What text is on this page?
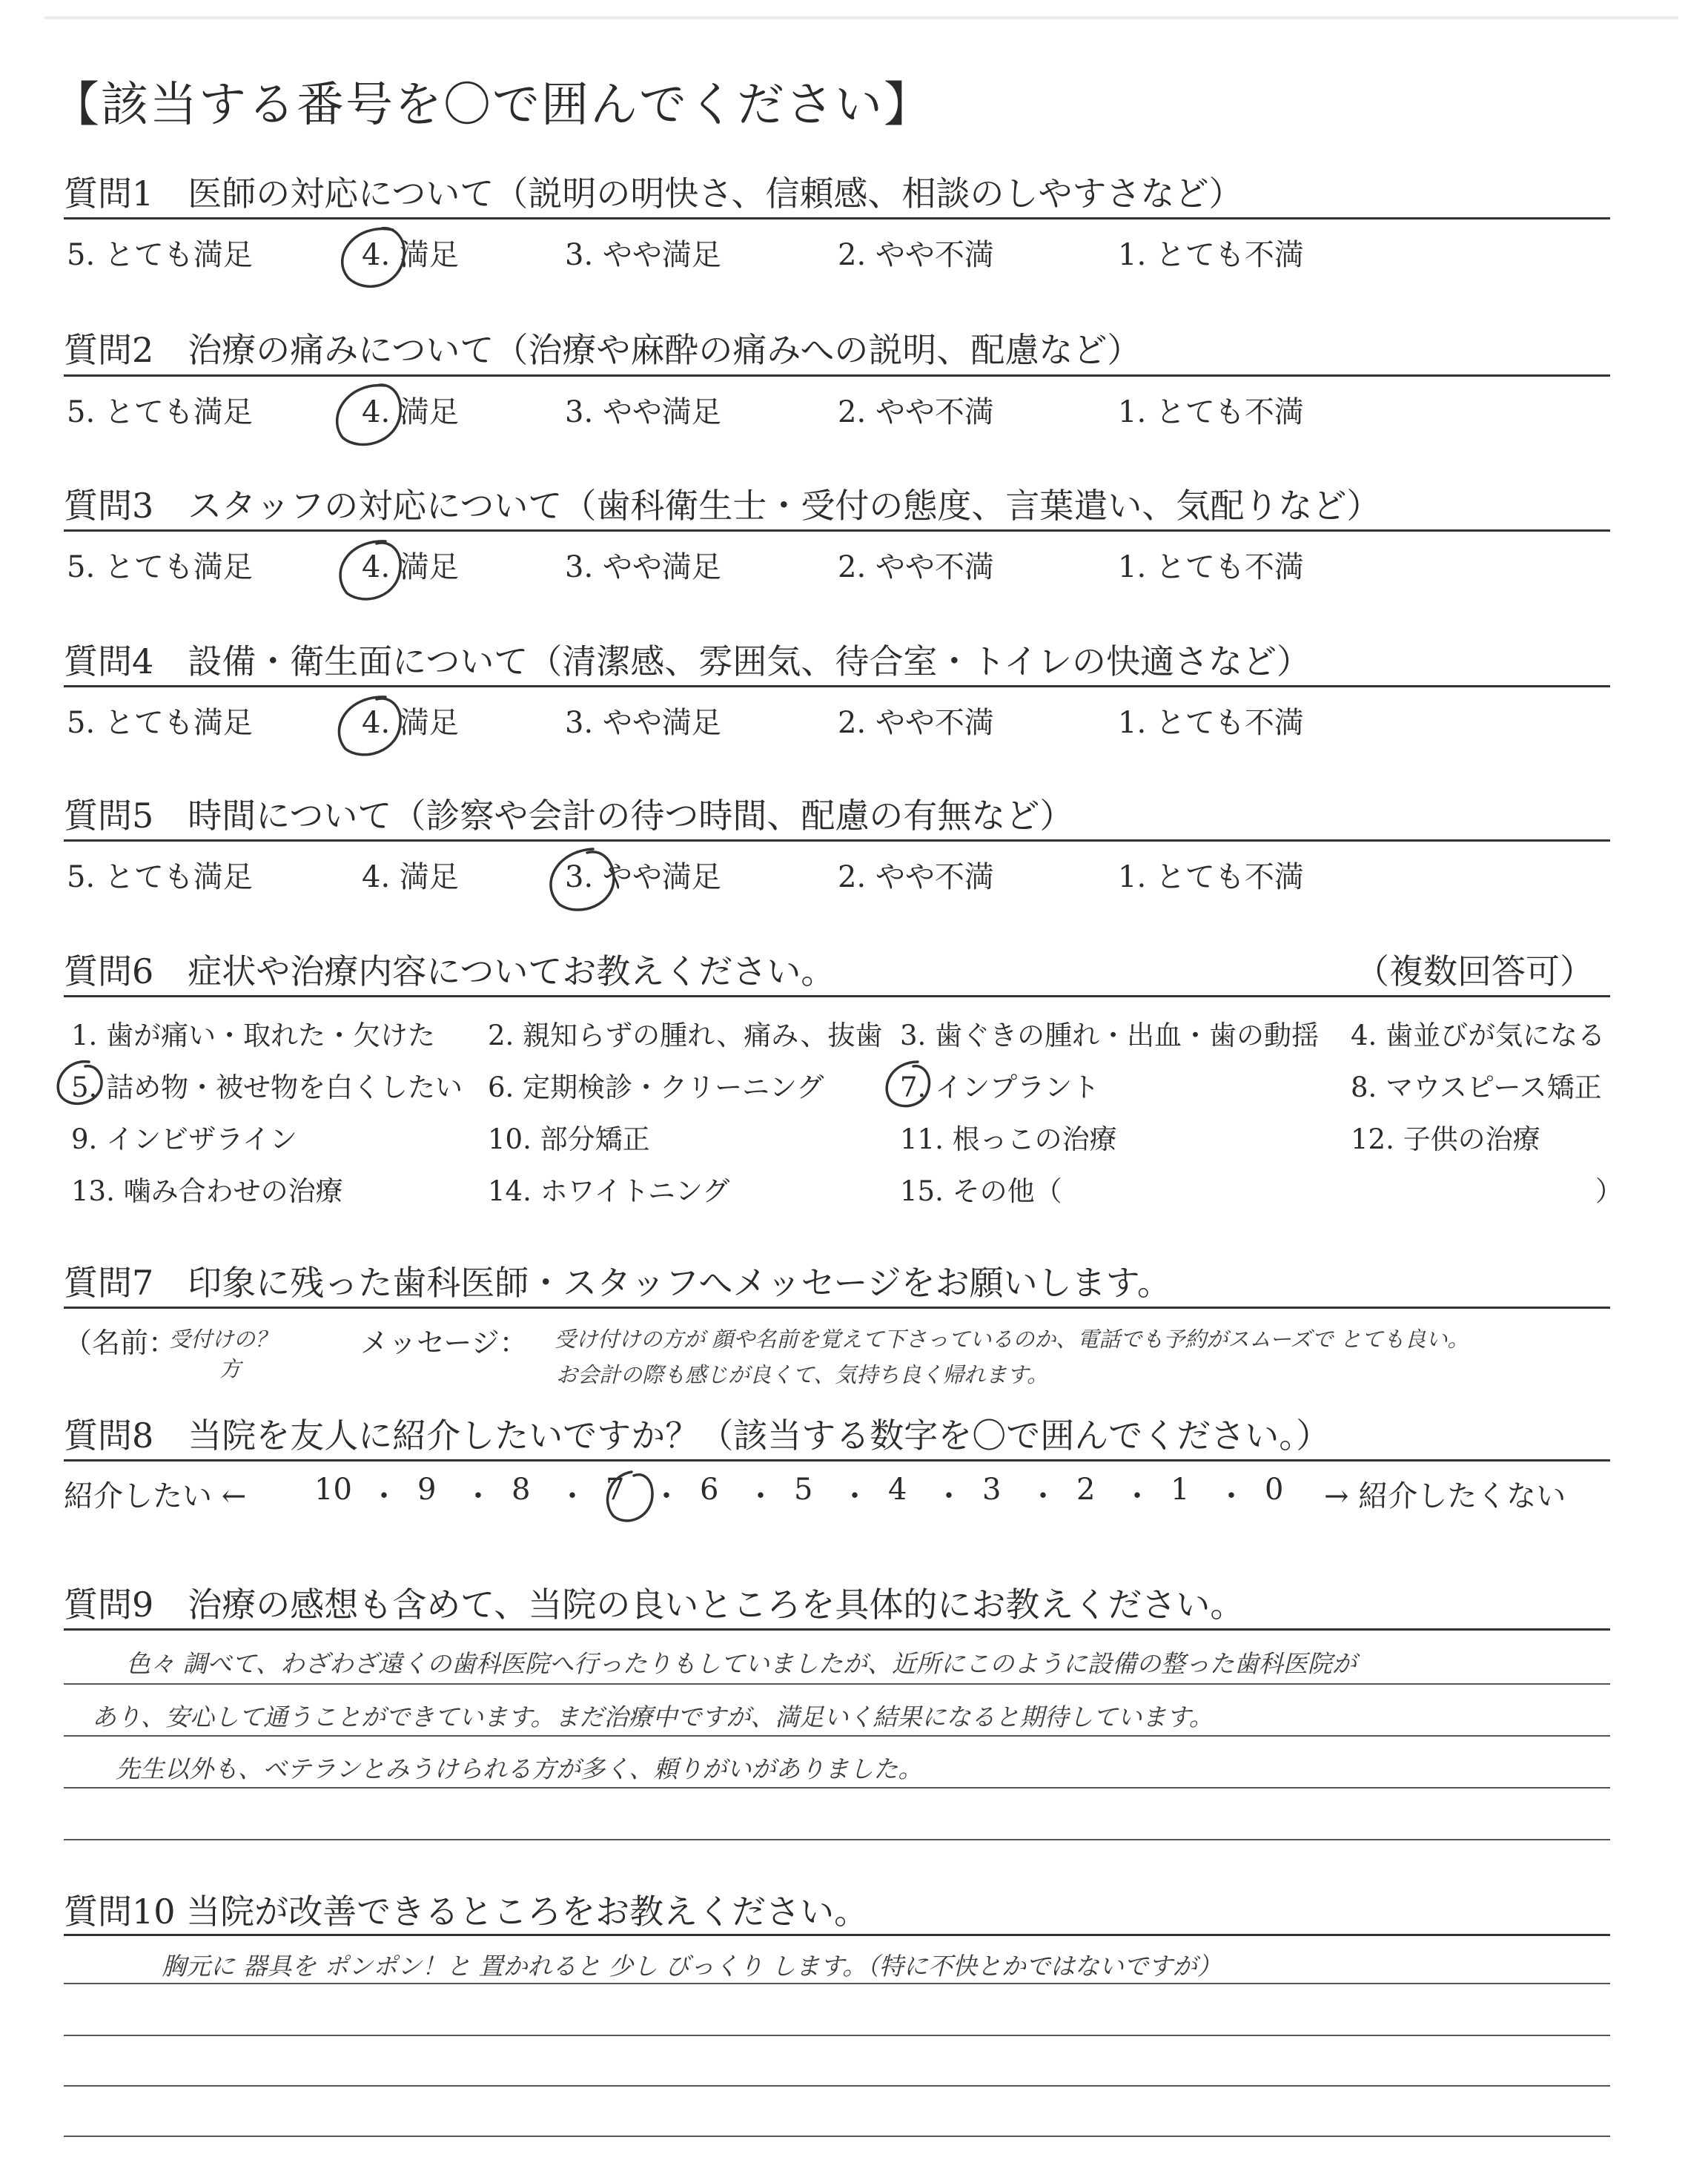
【該当する番号を〇で囲んでください】
質問1　医師の対応について（説明の明快さ、信頼感、相談のしやすさなど）
5. とても満足	4. 満足	3. やや満足	2. やや不満	1. とても不満
質問2　治療の痛みについて（治療や麻酔の痛みへの説明、配慮など）
5. とても満足	4. 満足	3. やや満足	2. やや不満	1. とても不満
質問3　スタッフの対応について（歯科衛生士・受付の態度、言葉遣い、気配りなど）
5. とても満足	4. 満足	3. やや満足	2. やや不満	1. とても不満
質問4　設備・衛生面について（清潔感、雰囲気、待合室・トイレの快適さなど）
5. とても満足	4. 満足	3. やや満足	2. やや不満	1. とても不満
質問5　時間について（診察や会計の待つ時間、配慮の有無など）
5. とても満足	4. 満足	3. やや満足	2. やや不満	1. とても不満
質問6　症状や治療内容についてお教えください。	（複数回答可）
1. 歯が痛い・取れた・欠けた 2. 親知らずの腫れ、痛み、抜歯 3. 歯ぐきの腫れ・出血・歯の動揺 4. 歯並びが気になる
5. 詰め物・被せ物を白くしたい 6. 定期検診・クリーニング	7. インプラント	8. マウスピース矯正
9. インビザライン	10. 部分矯正	11. 根っこの治療	12. 子供の治療
13. 噛み合わせの治療	14. ホワイトニング	15. その他（	）
質問7　印象に残った歯科医師・スタッフへメッセージをお願いします。
（名前：
受付けの？
方
メッセージ： 受け付けの方が 顔や名前を覚えて下さっているのか、電話でも予約がスムーズで とても良い。
お会計の際も感じが良くて、気持ち良く帰れます。
質問8　当院を友人に紹介したいですか？（該当する数字を〇で囲んでください。）
紹介したい ←	→ 紹介したくない
10 ・ 9 ・ 8 ・ 7 ・ 6 ・ 5 ・ 4 ・ 3 ・ 2 ・ 1 ・ 0
質問9　治療の感想も含めて、当院の良いところを具体的にお教えください。
色々 調べて、わざわざ遠くの歯科医院へ行ったりもしていましたが、近所にこのように設備の整った歯科医院が
あり、安心して通うことができています。まだ治療中ですが、満足いく結果になると期待しています。
先生以外も、ベテランとみうけられる方が多く、頼りがいがありました。
質問10 当院が改善できるところをお教えください。
胸元に 器具を ポンポン！と 置かれると 少し びっくり します。（特に不快とかではないですが）
